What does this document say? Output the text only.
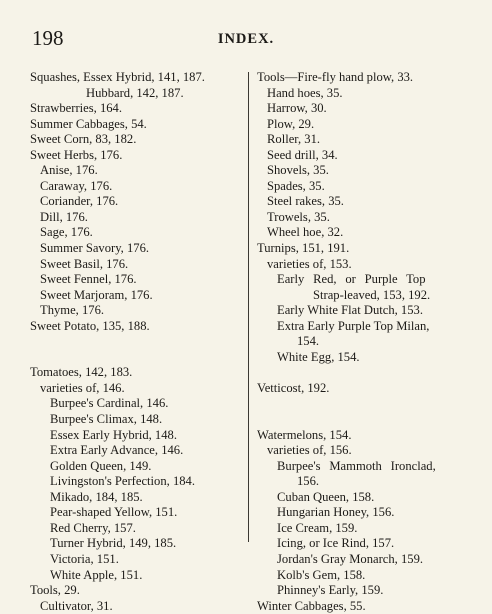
198	INDEX.
Squashes, Essex Hybrid, 141, 187.
Hubbard, 142, 187.
Strawberries, 164.
Summer Cabbages, 54.
Sweet Corn, 83, 182.
Sweet Herbs, 176.
Anise, 176.
Caraway, 176.
Coriander, 176.
Dill, 176.
Sage, 176.
Summer Savory, 176.
Sweet Basil, 176.
Sweet Fennel, 176.
Sweet Marjoram, 176.
Thyme, 176.
Sweet Potato, 135, 188.
Tomatoes, 142, 183.
varieties of, 146.
Burpee's Cardinal, 146.
Burpee's Climax, 148.
Essex Early Hybrid, 148.
Extra Early Advance, 146.
Golden Queen, 149.
Livingston's Perfection, 184.
Mikado, 184, 185.
Pear-shaped Yellow, 151.
Red Cherry, 157.
Turner Hybrid, 149, 185.
Victoria, 151.
White Apple, 151.
Tools, 29.
Cultivator, 31.
Tools—Fire-fly hand plow, 33.
Hand hoes, 35.
Harrow, 30.
Plow, 29.
Roller, 31.
Seed drill, 34.
Shovels, 35.
Spades, 35.
Steel rakes, 35.
Trowels, 35.
Wheel hoe, 32.
Turnips, 151, 191.
varieties of, 153.
Early Red, or Purple Top
Strap-leaved, 153, 192.
Early White Flat Dutch, 153.
Extra Early Purple Top Milan,
154.
White Egg, 154.
Vetticost, 192.
Watermelons, 154.
varieties of, 156.
Burpee's Mammoth Ironclad,
156.
Cuban Queen, 158.
Hungarian Honey, 156.
Ice Cream, 159.
Icing, or Ice Rind, 157.
Jordan's Gray Monarch, 159.
Kolb's Gem, 158.
Phinney's Early, 159.
Winter Cabbages, 55.
